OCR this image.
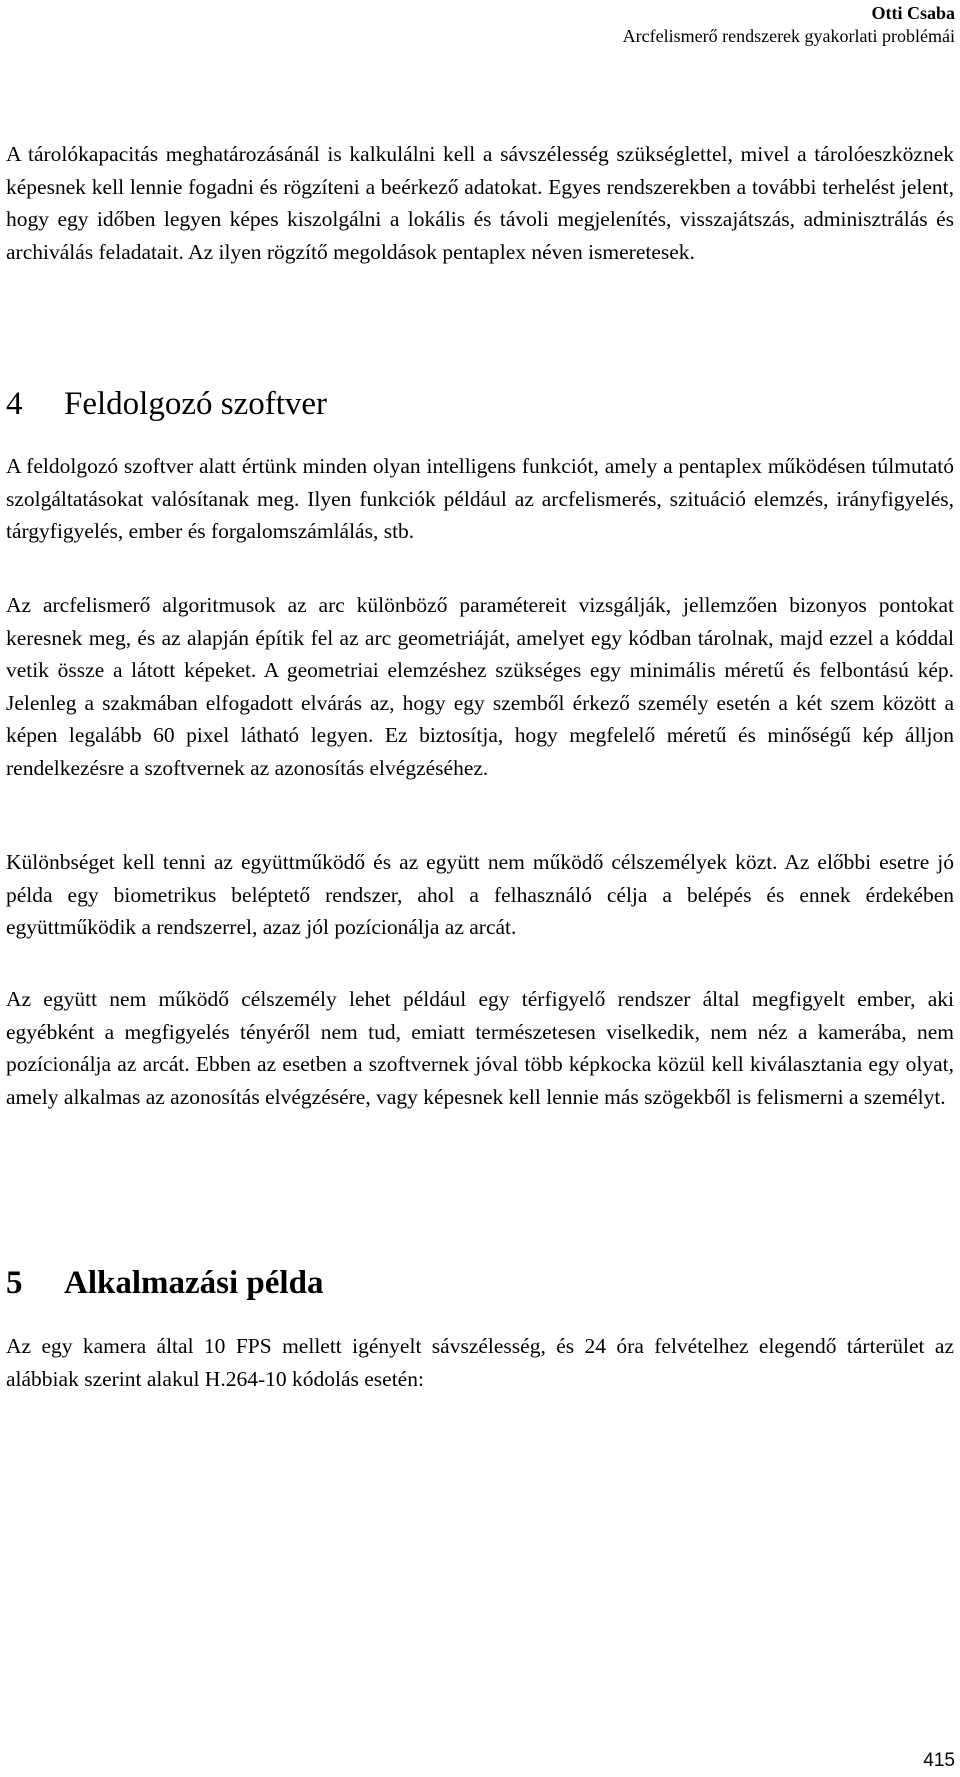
Otti Csaba
Arcfelismerő rendszerek gyakorlati problémái

A tárolókapacitás meghatározásánál is kalkulálni kell a sávszélesség szükséglettel, mivel a tárolóeszköznek képesnek kell lennie fogadni és rögzíteni a beérkező adatokat. Egyes rendszerekben a további terhelést jelent, hogy egy időben legyen képes kiszolgálni a lokális és távoli megjelenítés, visszajátszás, adminisztrálás és archiválás feladatait. Az ilyen rögzítő megoldások pentaplex néven ismeretesek.

4 Feldolgozó szoftver

A feldolgozó szoftver alatt értünk minden olyan intelligens funkciót, amely a pentaplex működésen túlmutató szolgáltatásokat valósítanak meg. Ilyen funkciók például az arcfelismerés, szituáció elemzés, irányfigyelés, tárgyfigyelés, ember és forgalomszámlálás, stb.

Az arcfelismerő algoritmusok az arc különböző paramétereit vizsgálják, jellemzően bizonyos pontokat keresnek meg, és az alapján építik fel az arc geometriáját, amelyet egy kódban tárolnak, majd ezzel a kóddal vetik össze a látott képeket. A geometriai elemzéshez szükséges egy minimális méretű és felbontású kép. Jelenleg a szakmában elfogadott elvárás az, hogy egy szemből érkező személy esetén a két szem között a képen legalább 60 pixel látható legyen. Ez biztosítja, hogy megfelelő méretű és minőségű kép álljon rendelkezésre a szoftvernek az azonosítás elvégzéséhez.

Különbséget kell tenni az együttműködő és az együtt nem működő célszemélyek közt. Az előbbi esetre jó példa egy biometrikus beléptető rendszer, ahol a felhasználó célja a belépés és ennek érdekében együttműködik a rendszerrel, azaz jól pozícionálja az arcát.

Az együtt nem működő célszemély lehet például egy térfigyelő rendszer által megfigyelt ember, aki egyébként a megfigyelés tényéről nem tud, emiatt természetesen viselkedik, nem néz a kamerába, nem pozícionálja az arcát. Ebben az esetben a szoftvernek jóval több képkocka közül kell kiválasztania egy olyat, amely alkalmas az azonosítás elvégzésére, vagy képesnek kell lennie más szögekből is felismerni a személyt.

5 Alkalmazási példa

Az egy kamera által 10 FPS mellett igényelt sávszélesség, és 24 óra felvételhez elegendő tárterület az alábbiak szerint alakul H.264-10 kódolás esetén:

415
